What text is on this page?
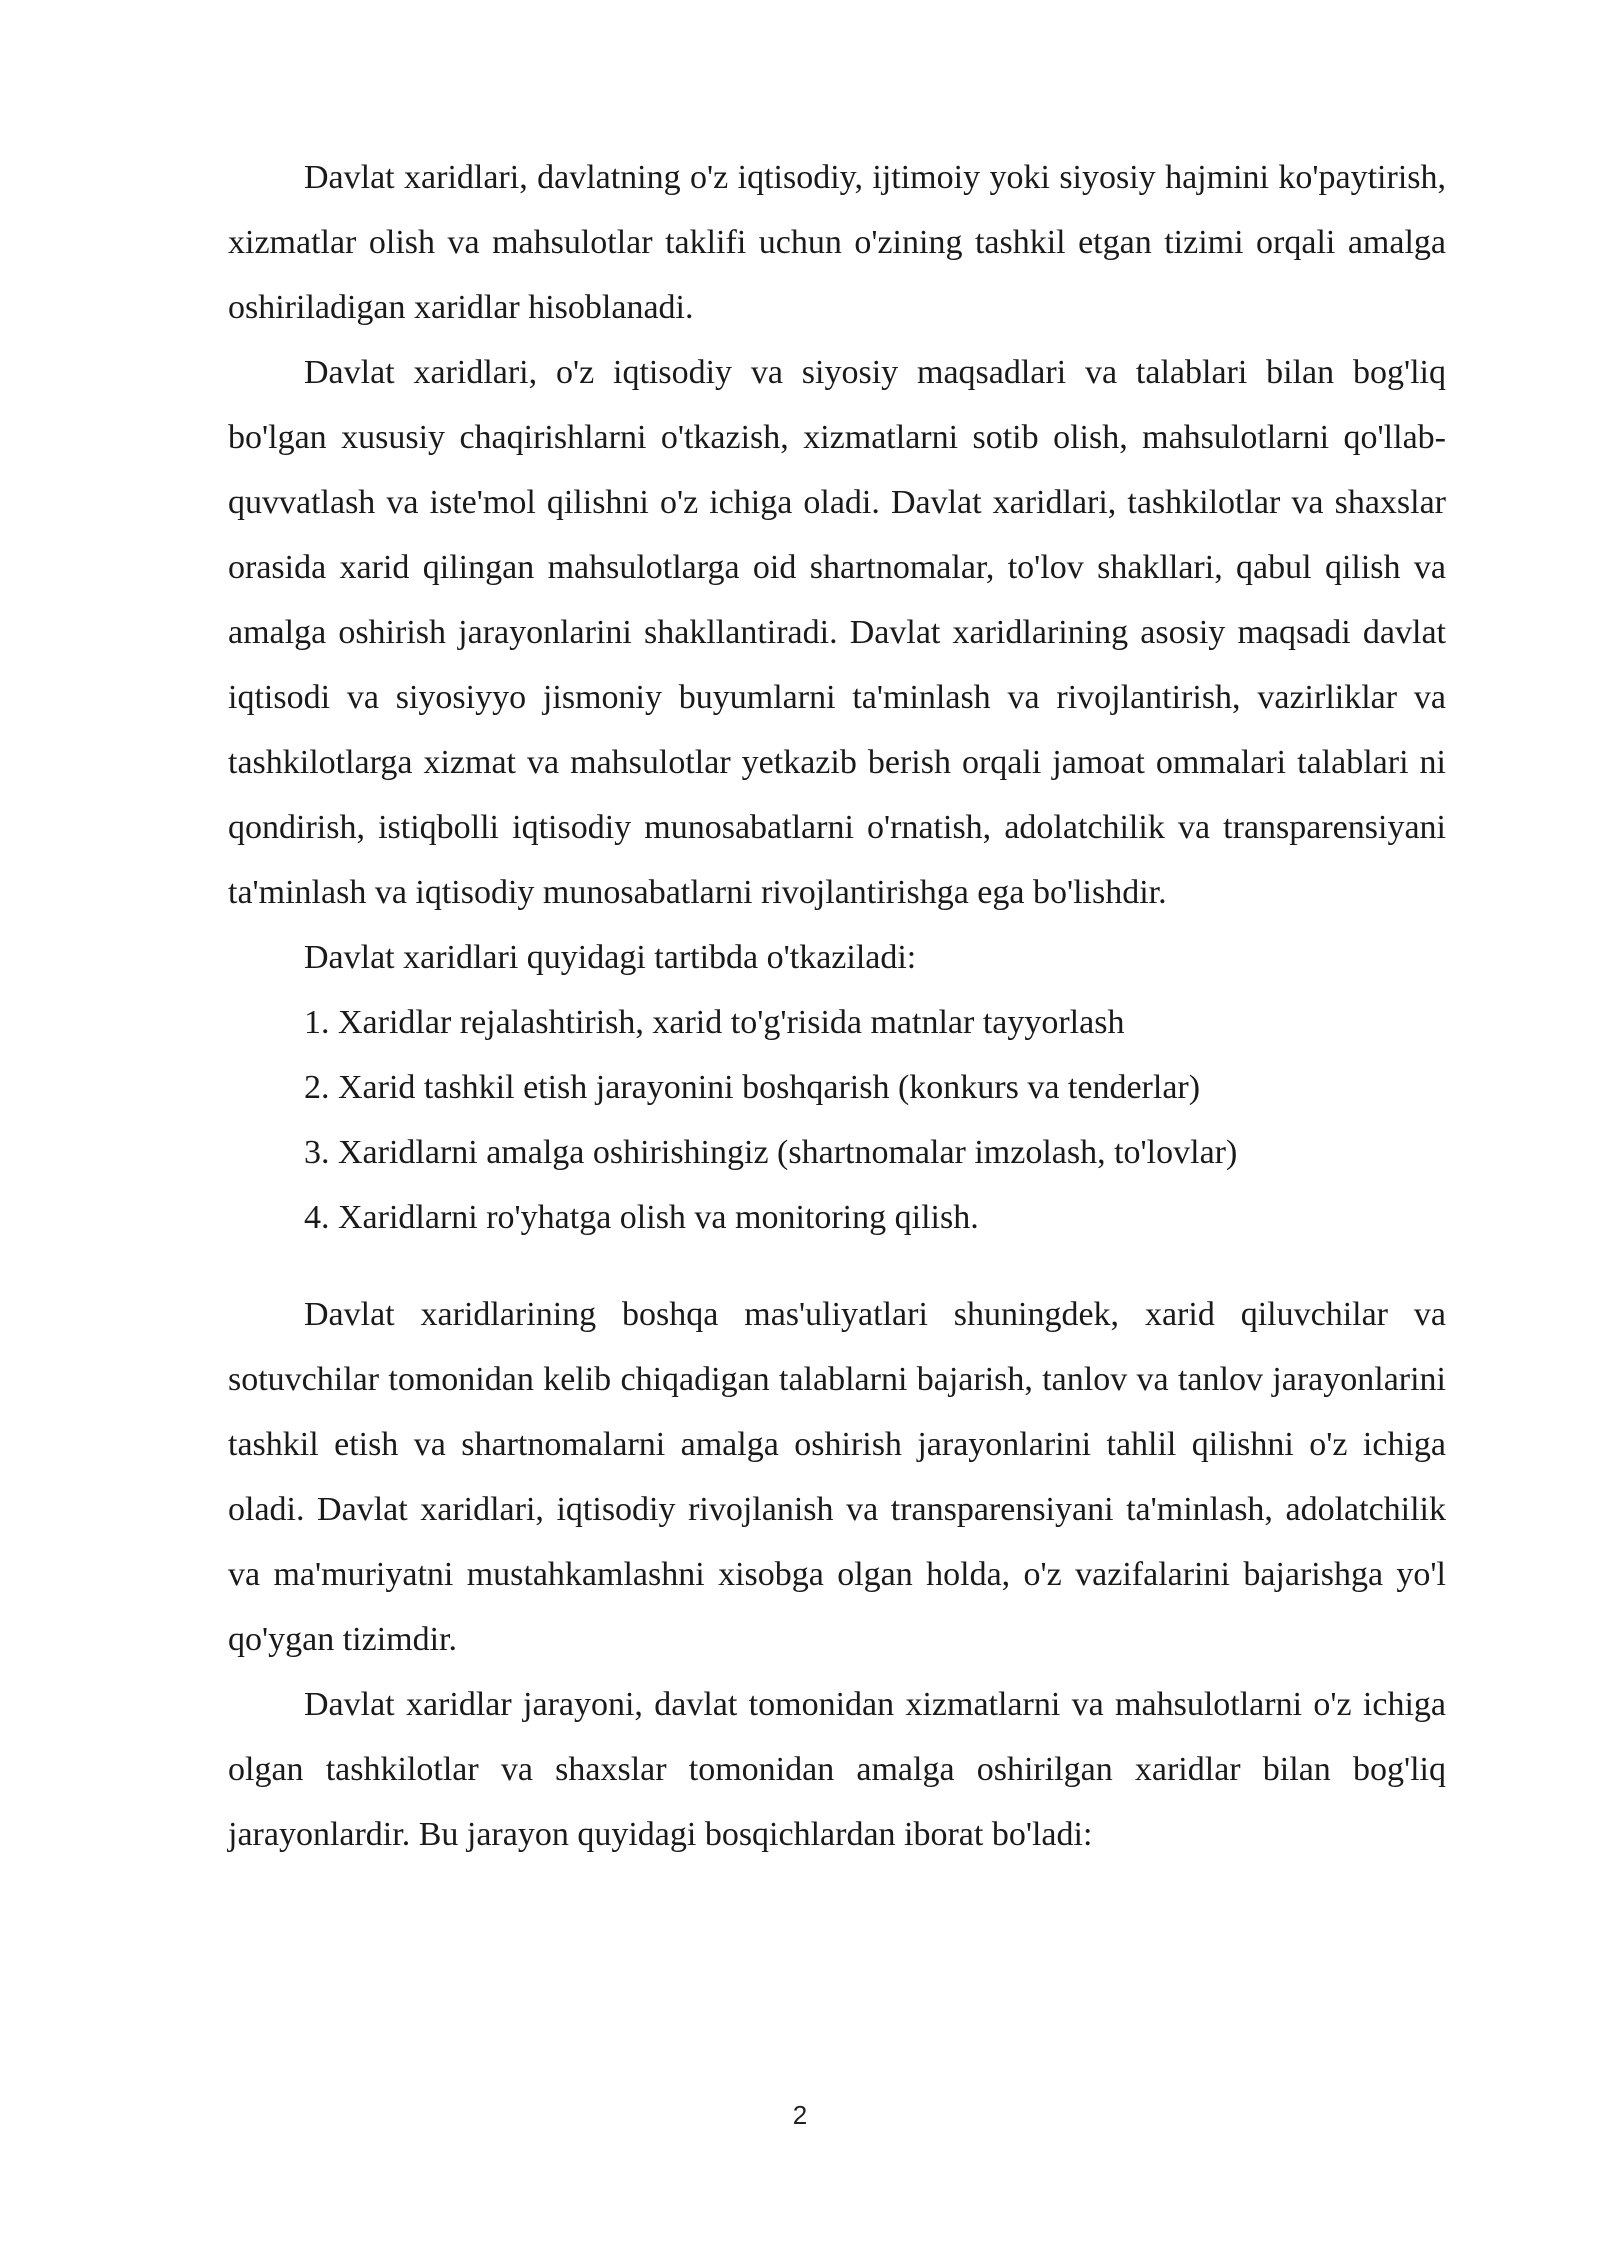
Davlat xaridlari, davlatning o'z iqtisodiy, ijtimoiy yoki siyosiy hajmini ko'paytirish, xizmatlar olish va mahsulotlar taklifi uchun o'zining tashkil etgan tizimi orqali amalga oshiriladigan xaridlar hisoblanadi.

Davlat xaridlari, o'z iqtisodiy va siyosiy maqsadlari va talablari bilan bog'liq bo'lgan xususiy chaqirishlarni o'tkazish, xizmatlarni sotib olish, mahsulotlarni qo'llab-quvvatlash va iste'mol qilishni o'z ichiga oladi. Davlat xaridlari, tashkilotlar va shaxslar orasida xarid qilingan mahsulotlarga oid shartnomalar, to'lov shakllari, qabul qilish va amalga oshirish jarayonlarini shakllantiradi. Davlat xaridlarining asosiy maqsadi davlat iqtisodi va siyosiyyo jismoniy buyumlarni ta'minlash va rivojlantirish, vazirliklar va tashkilotlarga xizmat va mahsulotlar yetkazib berish orqali jamoat ommalari talablari ni qondirish, istiqbolli iqtisodiy munosabatlarni o'rnatish, adolatchilik va transparensiyani ta'minlash va iqtisodiy munosabatlarni rivojlantirishga ega bo'lishdir.

Davlat xaridlari quyidagi tartibda o'tkaziladi:

1. Xaridlar rejalashtirish, xarid to'g'risida matnlar tayyorlash

2. Xarid tashkil etish jarayonini boshqarish (konkurs va tenderlar)

3. Xaridlarni amalga oshirishingiz (shartnomalar imzolash, to'lovlar)

4. Xaridlarni ro'yhatga olish va monitoring qilish.

Davlat xaridlarining boshqa mas'uliyatlari shuningdek, xarid qiluvchilar va sotuvchilar tomonidan kelib chiqadigan talablarni bajarish, tanlov va tanlov jarayonlarini tashkil etish va shartnomalarni amalga oshirish jarayonlarini tahlil qilishni o'z ichiga oladi. Davlat xaridlari, iqtisodiy rivojlanish va transparensiyani ta'minlash, adolatchilik va ma'muriyatni mustahkamlashni xisobga olgan holda, o'z vazifalarini bajarishga yo'l qo'ygan tizimdir.

Davlat xaridlar jarayoni, davlat tomonidan xizmatlarni va mahsulotlarni o'z ichiga olgan tashkilotlar va shaxslar tomonidan amalga oshirilgan xaridlar bilan bog'liq jarayonlardir. Bu jarayon quyidagi bosqichlardan iborat bo'ladi:

2
